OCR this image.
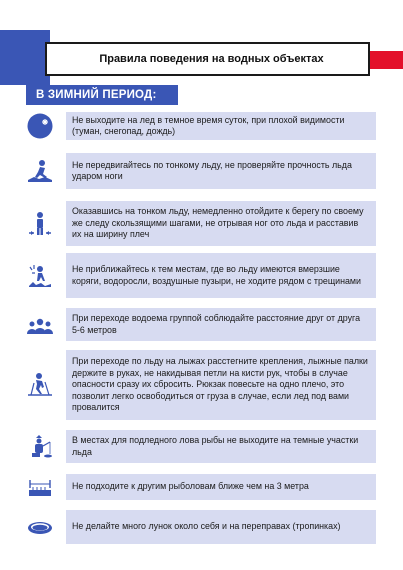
Правила поведения на водных объектах
В ЗИМНИЙ ПЕРИОД:
Не выходите на лед в темное время суток, при плохой видимости (туман, снегопад, дождь)
Не передвигайтесь по тонкому льду, не проверяйте прочность льда ударом ноги
Оказавшись на тонком льду, немедленно отойдите к берегу по своему же следу скользящими шагами, не отрывая ног ото льда и расставив их на ширину плеч
Не приближайтесь к тем местам, где во льду имеются вмерзшие коряги, водоросли, воздушные пузыри, не ходите рядом с трещинами
При переходе водоема группой соблюдайте расстояние друг от друга 5-6 метров
При переходе по льду на лыжах расстегните крепления, лыжные палки держите в руках, не накидывая петли на кисти рук, чтобы в случае опасности сразу их сбросить. Рюкзак повесьте на одно плечо, это позволит легко освободиться от груза в случае, если лед под вами провалится
В местах для подледного лова рыбы не выходите на темные участки льда
Не подходите к другим рыболовам ближе чем на 3 метра
Не делайте много лунок около себя и на переправах (тропинках)
